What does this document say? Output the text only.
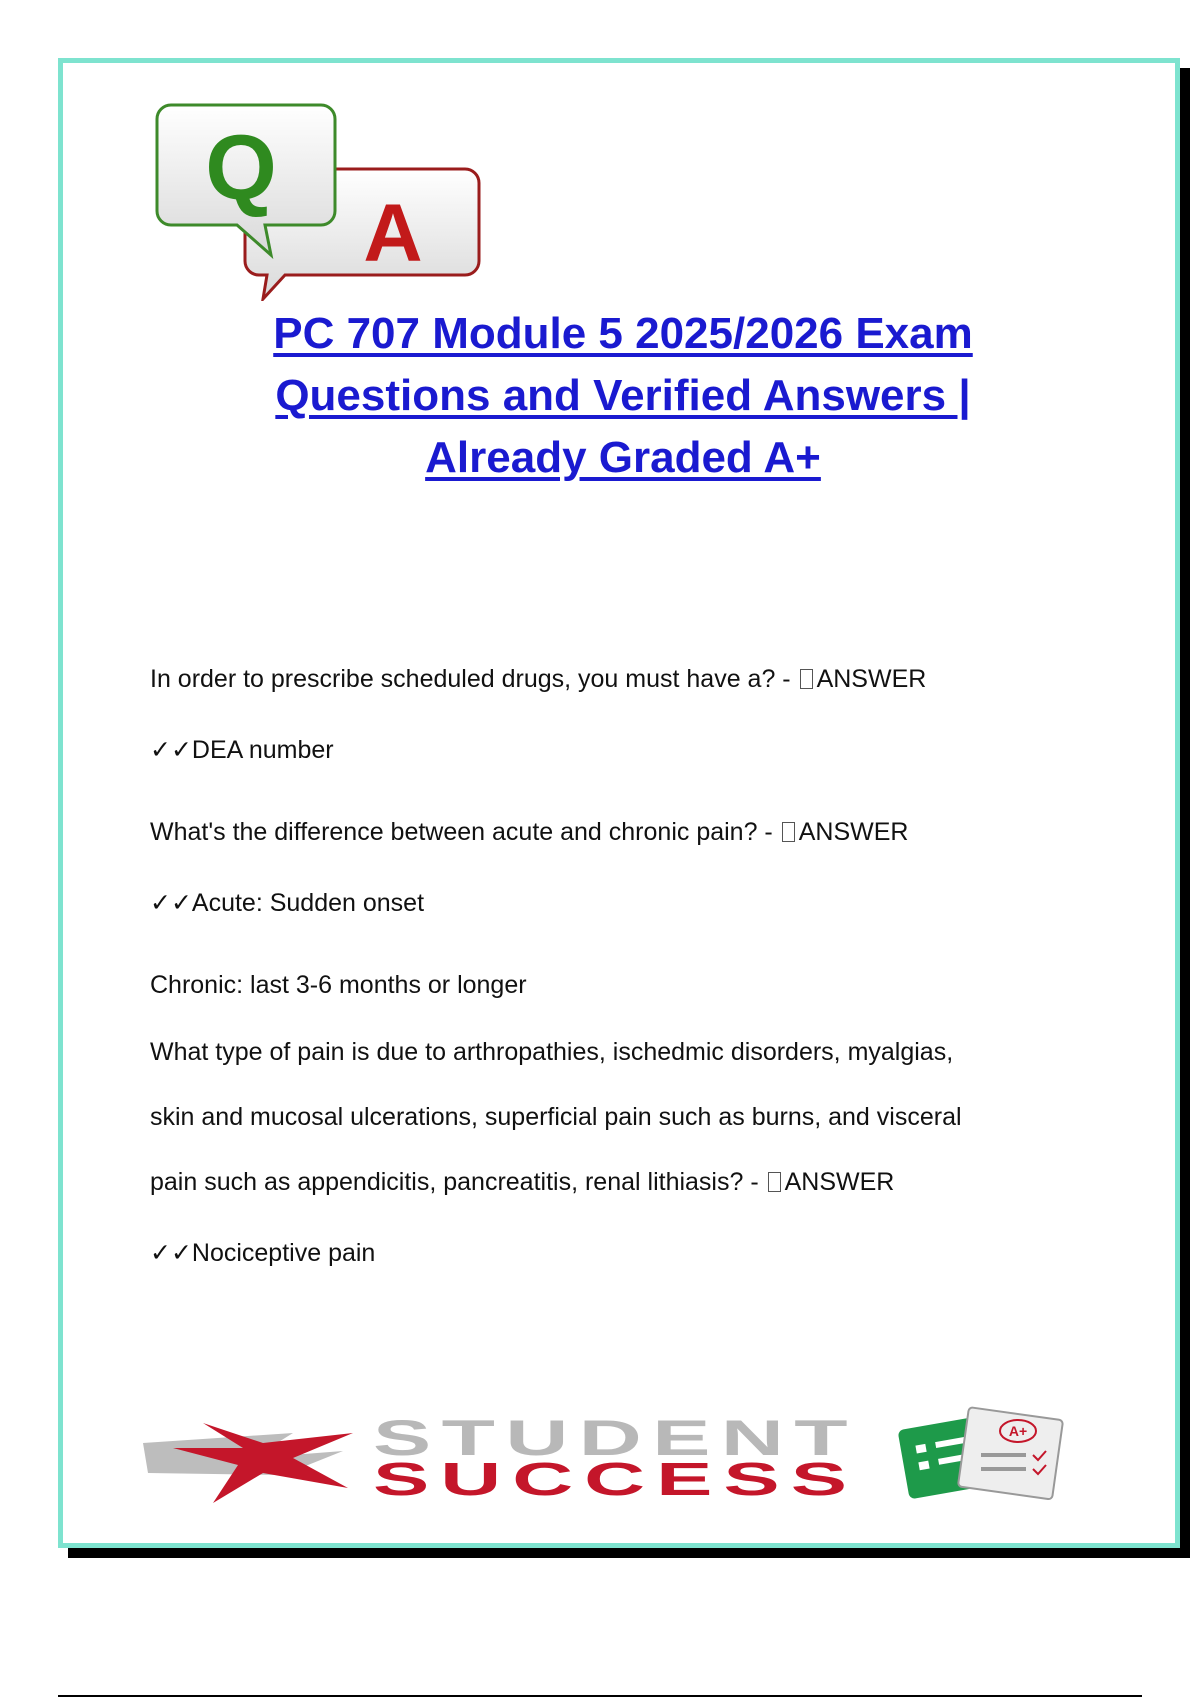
Q
A
PC 707 Module 5 2025/2026 Exam
Questions and Verified Answers |
Already Graded A+

In order to prescribe scheduled drugs, you must have a? - ANSWER

✓✓DEA number

What's the difference between acute and chronic pain? - ANSWER

✓✓Acute: Sudden onset

Chronic: last 3-6 months or longer

What type of pain is due to arthropathies, ischedmic disorders, myalgias,

skin and mucosal ulcerations, superficial pain such as burns, and visceral

pain such as appendicitis, pancreatitis, renal lithiasis? - ANSWER

✓✓Nociceptive pain

STUDENT
SUCCESS
A+
